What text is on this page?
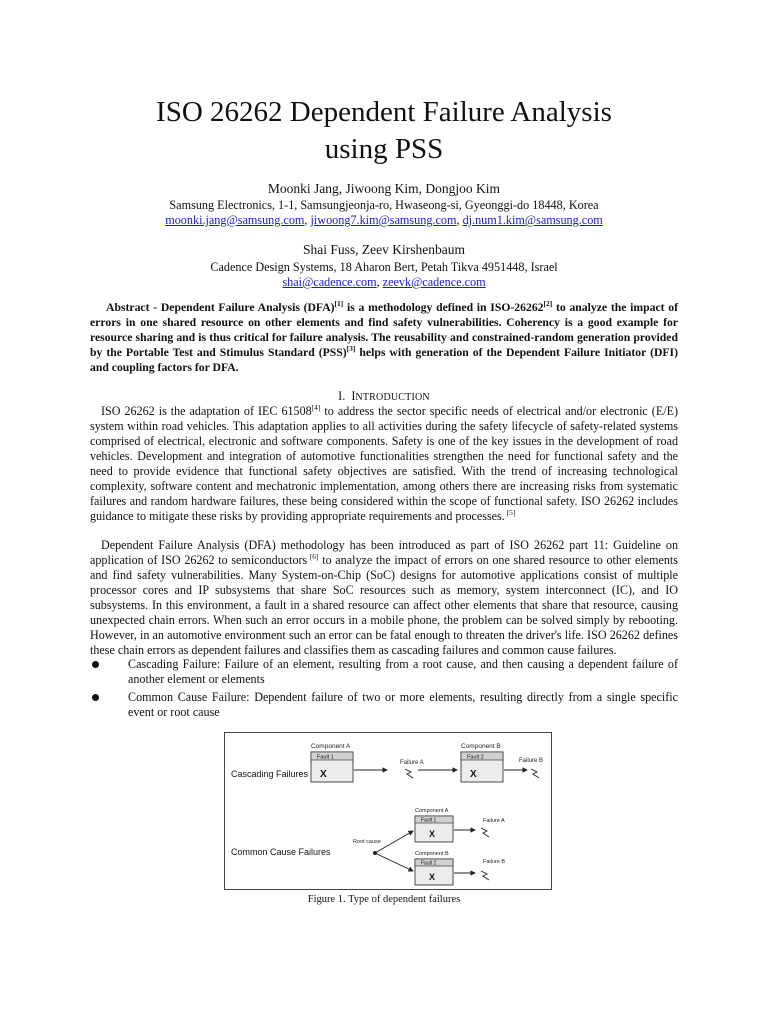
ISO 26262 Dependent Failure Analysis
using PSS
Moonki Jang, Jiwoong Kim, Dongjoo Kim
Samsung Electronics, 1-1, Samsungjeonja-ro, Hwaseong-si, Gyeonggi-do 18448, Korea
moonki.jang@samsung.com, jiwoong7.kim@samsung.com, dj.num1.kim@samsung.com
Shai Fuss, Zeev Kirshenbaum
Cadence Design Systems, 18 Aharon Bert, Petah Tikva 4951448, Israel
shai@cadence.com, zeevk@cadence.com
Abstract - Dependent Failure Analysis (DFA)[1] is a methodology defined in ISO-26262[2] to analyze the impact of errors in one shared resource on other elements and find safety vulnerabilities. Coherency is a good example for resource sharing and is thus critical for failure analysis. The reusability and constrained-random generation provided by the Portable Test and Stimulus Standard (PSS)[3] helps with generation of the Dependent Failure Initiator (DFI) and coupling factors for DFA.
I. INTRODUCTION
ISO 26262 is the adaptation of IEC 61508[4] to address the sector specific needs of electrical and/or electronic (E/E) system within road vehicles. This adaptation applies to all activities during the safety lifecycle of safety-related systems comprised of electrical, electronic and software components. Safety is one of the key issues in the development of road vehicles. Development and integration of automotive functionalities strengthen the need for functional safety and the need to provide evidence that functional safety objectives are satisfied. With the trend of increasing technological complexity, software content and mechatronic implementation, among others there are increasing risks from systematic failures and random hardware failures, these being considered within the scope of functional safety. ISO 26262 includes guidance to mitigate these risks by providing appropriate requirements and processes. [5]
Dependent Failure Analysis (DFA) methodology has been introduced as part of ISO 26262 part 11: Guideline on application of ISO 26262 to semiconductors [6] to analyze the impact of errors on one shared resource to other elements and find safety vulnerabilities. Many System-on-Chip (SoC) designs for automotive applications consist of multiple processor cores and IP subsystems that share SoC resources such as memory, system interconnect (IC), and IO subsystems. In this environment, a fault in a shared resource can affect other elements that share that resource, causing unexpected chain errors. When such an error occurs in a mobile phone, the problem can be solved simply by rebooting. However, in an automotive environment such an error can be fatal enough to threaten the driver's life. ISO 26262 defines these chain errors as dependent failures and classifies them as cascading failures and common cause failures.
Cascading Failure: Failure of an element, resulting from a root cause, and then causing a dependent failure of another element or elements
Common Cause Failure: Dependent failure of two or more elements, resulting directly from a single specific event or root cause
Cascading Failures
Component A
Fault 1
X
Failure A
Component B
Fault 2
X
Failure B
Common Cause Failures
Root cause
Component A
Fault 1
X
Failure A
Component B
Fault 2
X
Failure B
Figure 1. Type of dependent failures
